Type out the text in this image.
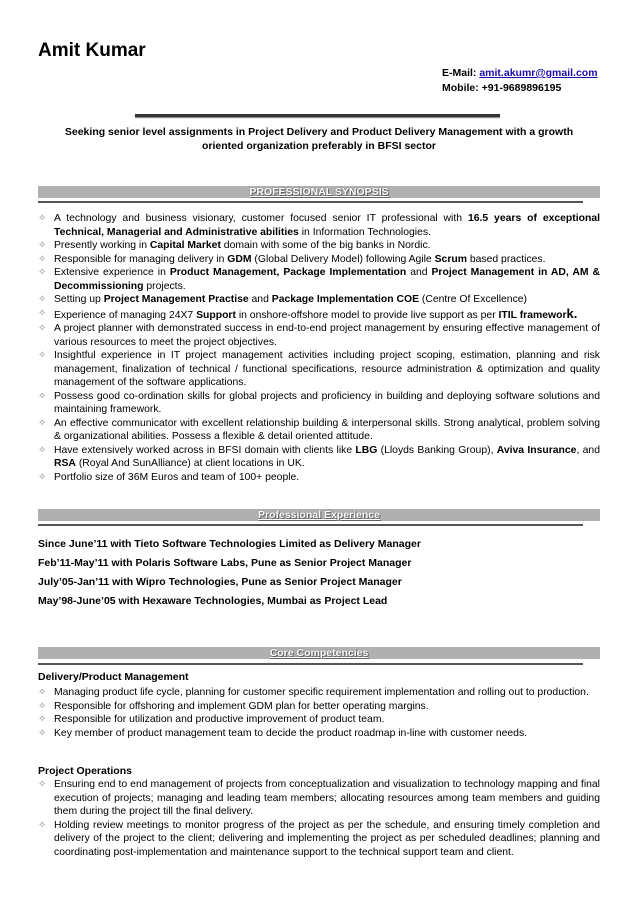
Amit Kumar
E-Mail: amit.akumr@gmail.com
Mobile: +91-9689896195
Seeking senior level assignments in Project Delivery and Product Delivery Management with a growth oriented organization preferably in BFSI sector
PROFESSIONAL SYNOPSIS
✧ A technology and business visionary, customer focused senior IT professional with 16.5 years of exceptional Technical, Managerial and Administrative abilities in Information Technologies.
✧ Presently working in Capital Market domain with some of the big banks in Nordic.
✧ Responsible for managing delivery in GDM (Global Delivery Model) following Agile Scrum based practices.
✧ Extensive experience in Product Management, Package Implementation and Project Management in AD, AM & Decommissioning projects.
✧ Setting up Project Management Practise and Package Implementation COE (Centre Of Excellence)
✧ Experience of managing 24X7 Support in onshore-offshore model to provide live support as per ITIL framework.
✧ A project planner with demonstrated success in end-to-end project management by ensuring effective management of various resources to meet the project objectives.
✧ Insightful experience in IT project management activities including project scoping, estimation, planning and risk management, finalization of technical / functional specifications, resource administration & optimization and quality management of the software applications.
✧ Possess good co-ordination skills for global projects and proficiency in building and deploying software solutions and maintaining framework.
✧ An effective communicator with excellent relationship building & interpersonal skills. Strong analytical, problem solving & organizational abilities. Possess a flexible & detail oriented attitude.
✧ Have extensively worked across in BFSI domain with clients like LBG (Lloyds Banking Group), Aviva Insurance, and RSA (Royal And SunAlliance) at client locations in UK.
✧ Portfolio size of 36M Euros and team of 100+ people.
Professional Experience
Since June’11 with Tieto Software Technologies Limited as Delivery Manager
Feb’11-May’11 with Polaris Software Labs, Pune as Senior Project Manager
July’05-Jan’11 with Wipro Technologies, Pune as Senior Project Manager
May’98-June’05 with Hexaware Technologies, Mumbai as Project Lead
Core Competencies
Delivery/Product Management
✧ Managing product life cycle, planning for customer specific requirement implementation and rolling out to production.
✧ Responsible for offshoring and implement GDM plan for better operating margins.
✧ Responsible for utilization and productive improvement of product team.
✧ Key member of product management team to decide the product roadmap in-line with customer needs.
Project Operations
✧ Ensuring end to end management of projects from conceptualization and visualization to technology mapping and final execution of projects; managing and leading team members; allocating resources among team members and guiding them during the project till the final delivery.
✧ Holding review meetings to monitor progress of the project as per the schedule, and ensuring timely completion and delivery of the project to the client; delivering and implementing the project as per scheduled deadlines; planning and coordinating post-implementation and maintenance support to the technical support team and client.
